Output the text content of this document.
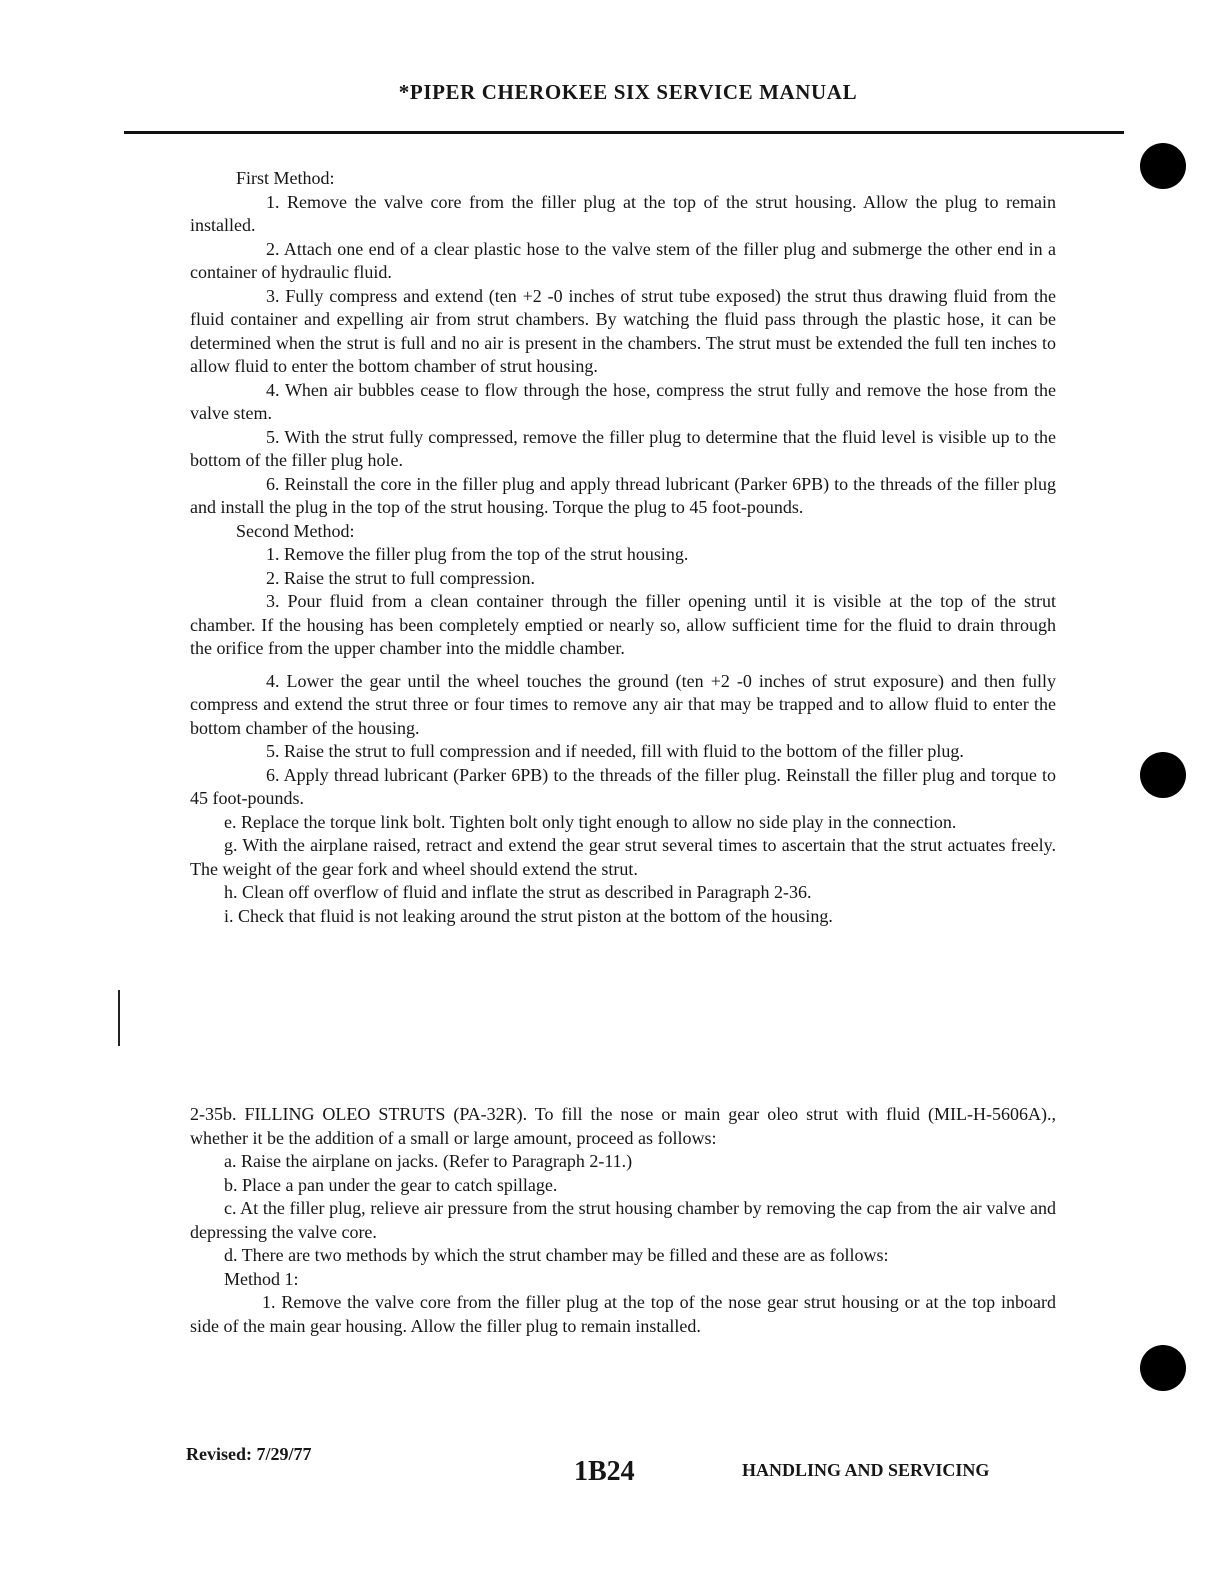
*PIPER CHEROKEE SIX SERVICE MANUAL

First Method:

1. Remove the valve core from the filler plug at the top of the strut housing. Allow the plug to remain installed.

2. Attach one end of a clear plastic hose to the valve stem of the filler plug and submerge the other end in a container of hydraulic fluid.

3. Fully compress and extend (ten +2 -0 inches of strut tube exposed) the strut thus drawing fluid from the fluid container and expelling air from strut chambers. By watching the fluid pass through the plastic hose, it can be determined when the strut is full and no air is present in the chambers. The strut must be extended the full ten inches to allow fluid to enter the bottom chamber of strut housing.

4. When air bubbles cease to flow through the hose, compress the strut fully and remove the hose from the valve stem.

5. With the strut fully compressed, remove the filler plug to determine that the fluid level is visible up to the bottom of the filler plug hole.

6. Reinstall the core in the filler plug and apply thread lubricant (Parker 6PB) to the threads of the filler plug and install the plug in the top of the strut housing. Torque the plug to 45 foot-pounds.

Second Method:

1. Remove the filler plug from the top of the strut housing.

2. Raise the strut to full compression.

3. Pour fluid from a clean container through the filler opening until it is visible at the top of the strut chamber. If the housing has been completely emptied or nearly so, allow sufficient time for the fluid to drain through the orifice from the upper chamber into the middle chamber.

4. Lower the gear until the wheel touches the ground (ten +2 -0 inches of strut exposure) and then fully compress and extend the strut three or four times to remove any air that may be trapped and to allow fluid to enter the bottom chamber of the housing.

5. Raise the strut to full compression and if needed, fill with fluid to the bottom of the filler plug.

6. Apply thread lubricant (Parker 6PB) to the threads of the filler plug. Reinstall the filler plug and torque to 45 foot-pounds.

e. Replace the torque link bolt. Tighten bolt only tight enough to allow no side play in the connection.

g. With the airplane raised, retract and extend the gear strut several times to ascertain that the strut actuates freely. The weight of the gear fork and wheel should extend the strut.

h. Clean off overflow of fluid and inflate the strut as described in Paragraph 2-36.

i. Check that fluid is not leaking around the strut piston at the bottom of the housing.

2-35b. FILLING OLEO STRUTS (PA-32R). To fill the nose or main gear oleo strut with fluid (MIL-H-5606A)., whether it be the addition of a small or large amount, proceed as follows:

a. Raise the airplane on jacks. (Refer to Paragraph 2-11.)

b. Place a pan under the gear to catch spillage.

c. At the filler plug, relieve air pressure from the strut housing chamber by removing the cap from the air valve and depressing the valve core.

d. There are two methods by which the strut chamber may be filled and these are as follows:

Method 1:

1. Remove the valve core from the filler plug at the top of the nose gear strut housing or at the top inboard side of the main gear housing. Allow the filler plug to remain installed.

Revised: 7/29/77
1B24	HANDLING AND SERVICING
